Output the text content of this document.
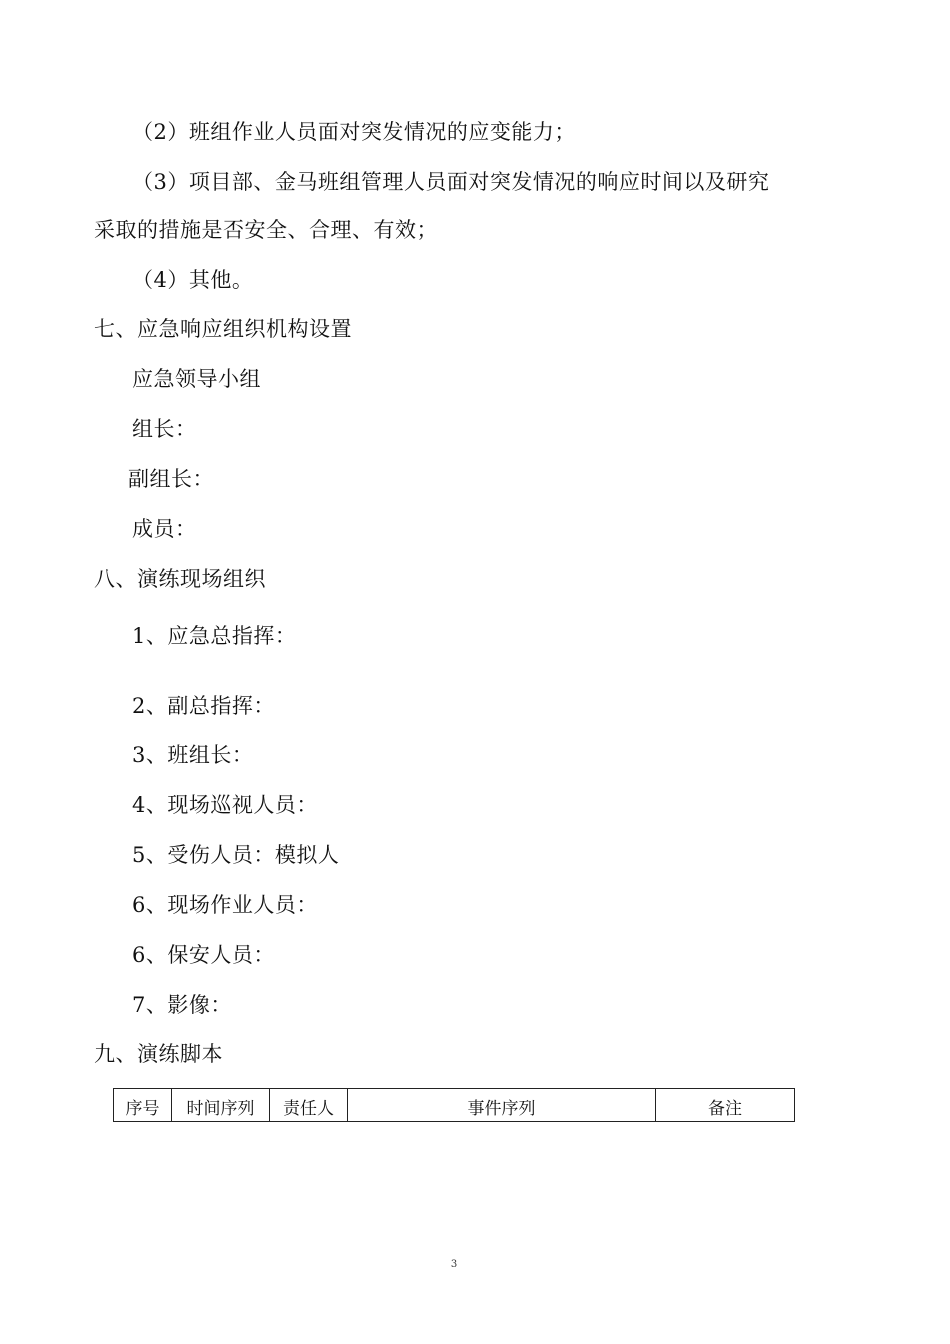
（2）班组作业人员面对突发情况的应变能力；
（3）项目部、金马班组管理人员面对突发情况的响应时间以及研究
采取的措施是否安全、合理、有效；
（4）其他。
七、应急响应组织机构设置
应急领导小组
组长：
副组长：
成员：
八、演练现场组织
1、应急总指挥：
2、副总指挥：
3、班组长：
4、现场巡视人员：
5、受伤人员：模拟人
6、现场作业人员：
6、保安人员：
7、影像：
九、演练脚本
序号	时间序列	责任人	事件序列	备注
3
